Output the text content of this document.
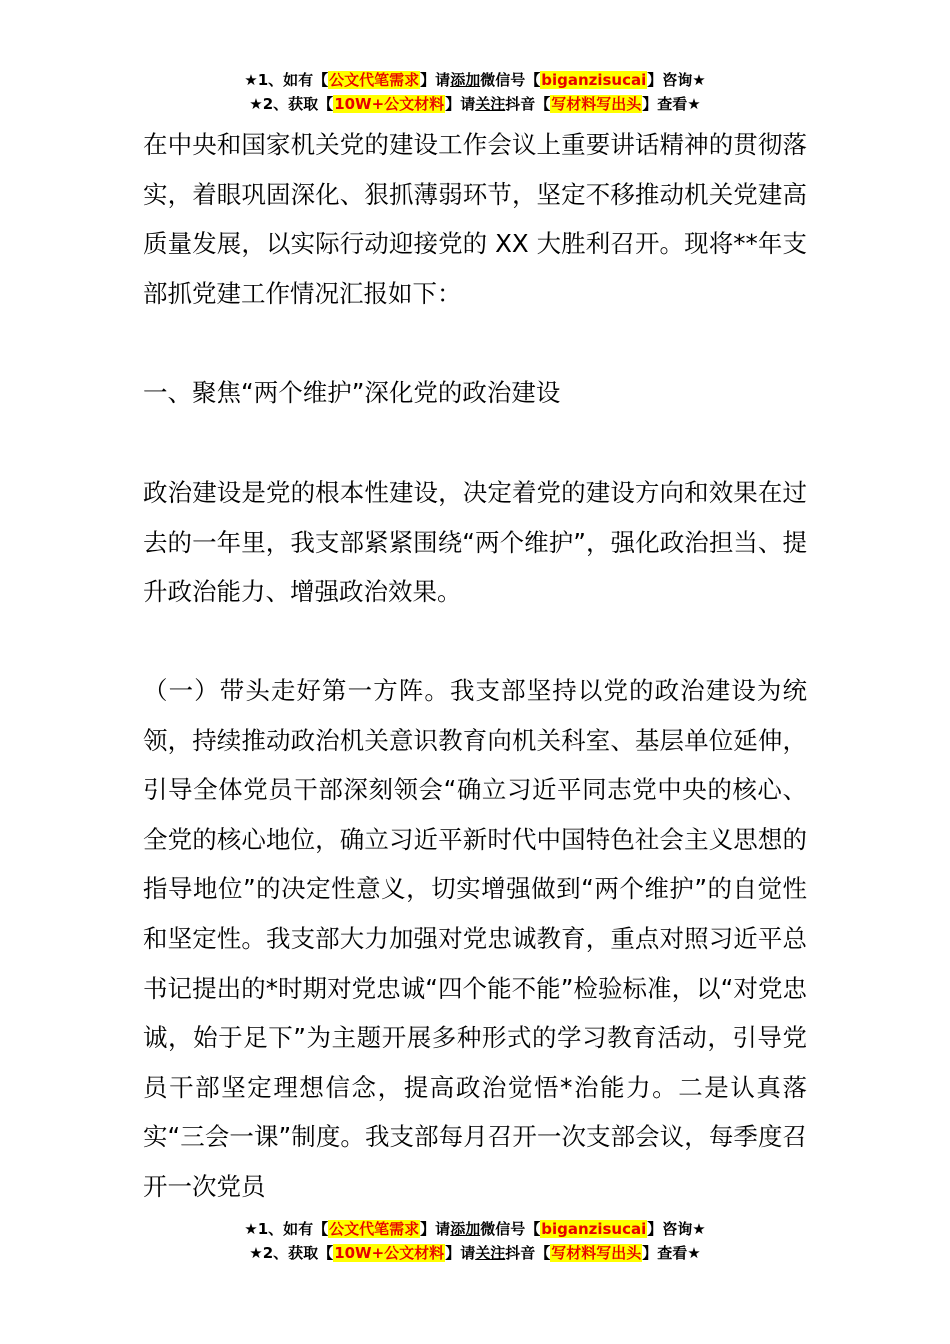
★1、如有【公文代笔需求】请添加微信号【biganzisucai】咨询★
★2、获取【10W+公文材料】请关注抖音【写材料写出头】查看★

在中央和国家机关党的建设工作会议上重要讲话精神的贯彻落实，着眼巩固深化、狠抓薄弱环节，坚定不移推动机关党建高质量发展，以实际行动迎接党的 XX 大胜利召开。现将**年支部抓党建工作情况汇报如下：

一、聚焦“两个维护”深化党的政治建设

政治建设是党的根本性建设，决定着党的建设方向和效果在过去的一年里，我支部紧紧围绕“两个维护”，强化政治担当、提升政治能力、增强政治效果。

（一）带头走好第一方阵。我支部坚持以党的政治建设为统领，持续推动政治机关意识教育向机关科室、基层单位延伸，引导全体党员干部深刻领会“确立习近平同志党中央的核心、全党的核心地位，确立习近平新时代中国特色社会主义思想的指导地位”的决定性意义，切实增强做到“两个维护”的自觉性和坚定性。我支部大力加强对党忠诚教育，重点对照习近平总书记提出的*时期对党忠诚“四个能不能”检验标准，以“对党忠诚，始于足下”为主题开展多种形式的学习教育活动，引导党员干部坚定理想信念，提高政治觉悟*治能力。二是认真落实“三会一课”制度。我支部每月召开一次支部会议，每季度召开一次党员

★1、如有【公文代笔需求】请添加微信号【biganzisucai】咨询★
★2、获取【10W+公文材料】请关注抖音【写材料写出头】查看★
